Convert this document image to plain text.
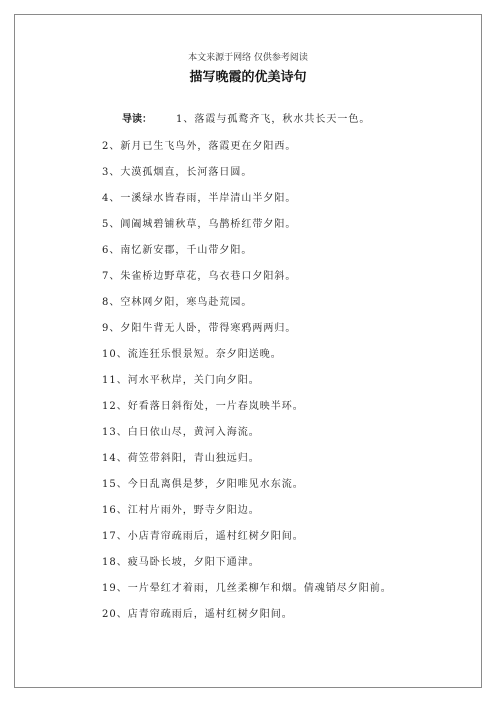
本文来源于网络 仅供参考阅读
描写晚霞的优美诗句
导读： 1、落霞与孤鹜齐飞，秋水共长天一色。
2、新月已生飞鸟外，落霞更在夕阳西。
3、大漠孤烟直，长河落日圆。
4、一溪绿水皆春雨，半岸清山半夕阳。
5、阊阖城碧铺秋草，乌鹊桥红带夕阳。
6、南忆新安郡，千山带夕阳。
7、朱雀桥边野草花，乌衣巷口夕阳斜。
8、空林网夕阳，寒鸟赴荒园。
9、夕阳牛背无人卧，带得寒鸦两两归。
10、流连狂乐恨景短。奈夕阳送晚。
11、河水平秋岸，关门向夕阳。
12、好看落日斜衔处，一片春岚映半环。
13、白日依山尽，黄河入海流。
14、荷笠带斜阳，青山独远归。
15、今日乱离俱是梦，夕阳唯见水东流。
16、江村片雨外，野寺夕阳边。
17、小店青帘疏雨后，遥村红树夕阳间。
18、疲马卧长坡，夕阳下通津。
19、一片晕红才着雨，几丝柔柳乍和烟。倩魂销尽夕阳前。
20、店青帘疏雨后，遥村红树夕阳间。
